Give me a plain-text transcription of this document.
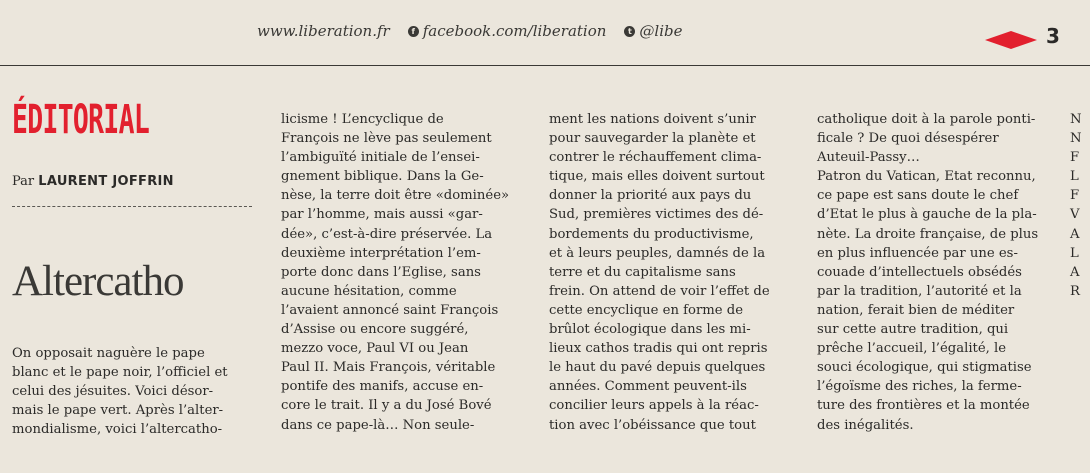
www.liberation.fr	f facebook.com/liberation	t @libe	3
ÉDITORIAL
Par LAURENT JOFFRIN
Altercatho
On opposait naguère le pape
blanc et le pape noir, l’officiel et
celui des jésuites. Voici désor-
mais le pape vert. Après l’alter-
mondialisme, voici l’altercatho-
licisme ! L’encyclique de
François ne lève pas seulement
l’ambiguïté initiale de l’ensei-
gnement biblique. Dans la Ge-
nèse, la terre doit être «dominée»
par l’homme, mais aussi «gar-
dée», c’est-à-dire préservée. La
deuxième interprétation l’em-
porte donc dans l’Eglise, sans
aucune hésitation, comme
l’avaient annoncé saint François
d’Assise ou encore suggéré,
mezzo voce, Paul VI ou Jean
Paul II. Mais François, véritable
pontife des manifs, accuse en-
core le trait. Il y a du José Bové
dans ce pape-là… Non seule-
ment les nations doivent s’unir
pour sauvegarder la planète et
contrer le réchauffement clima-
tique, mais elles doivent surtout
donner la priorité aux pays du
Sud, premières victimes des dé-
bordements du productivisme,
et à leurs peuples, damnés de la
terre et du capitalisme sans
frein. On attend de voir l’effet de
cette encyclique en forme de
brûlot écologique dans les mi-
lieux cathos tradis qui ont repris
le haut du pavé depuis quelques
années. Comment peuvent-ils
concilier leurs appels à la réac-
tion avec l’obéissance que tout
catholique doit à la parole ponti-
ficale ? De quoi désespérer
Auteuil-Passy…
Patron du Vatican, Etat reconnu,
ce pape est sans doute le chef
d’Etat le plus à gauche de la pla-
nète. La droite française, de plus
en plus influencée par une es-
couade d’intellectuels obsédés
par la tradition, l’autorité et la
nation, ferait bien de méditer
sur cette autre tradition, qui
prêche l’accueil, l’égalité, le
souci écologique, qui stigmatise
l’égoïsme des riches, la ferme-
ture des frontières et la montée
des inégalités.
N
N
F
L
F
V
A
L
A
R
